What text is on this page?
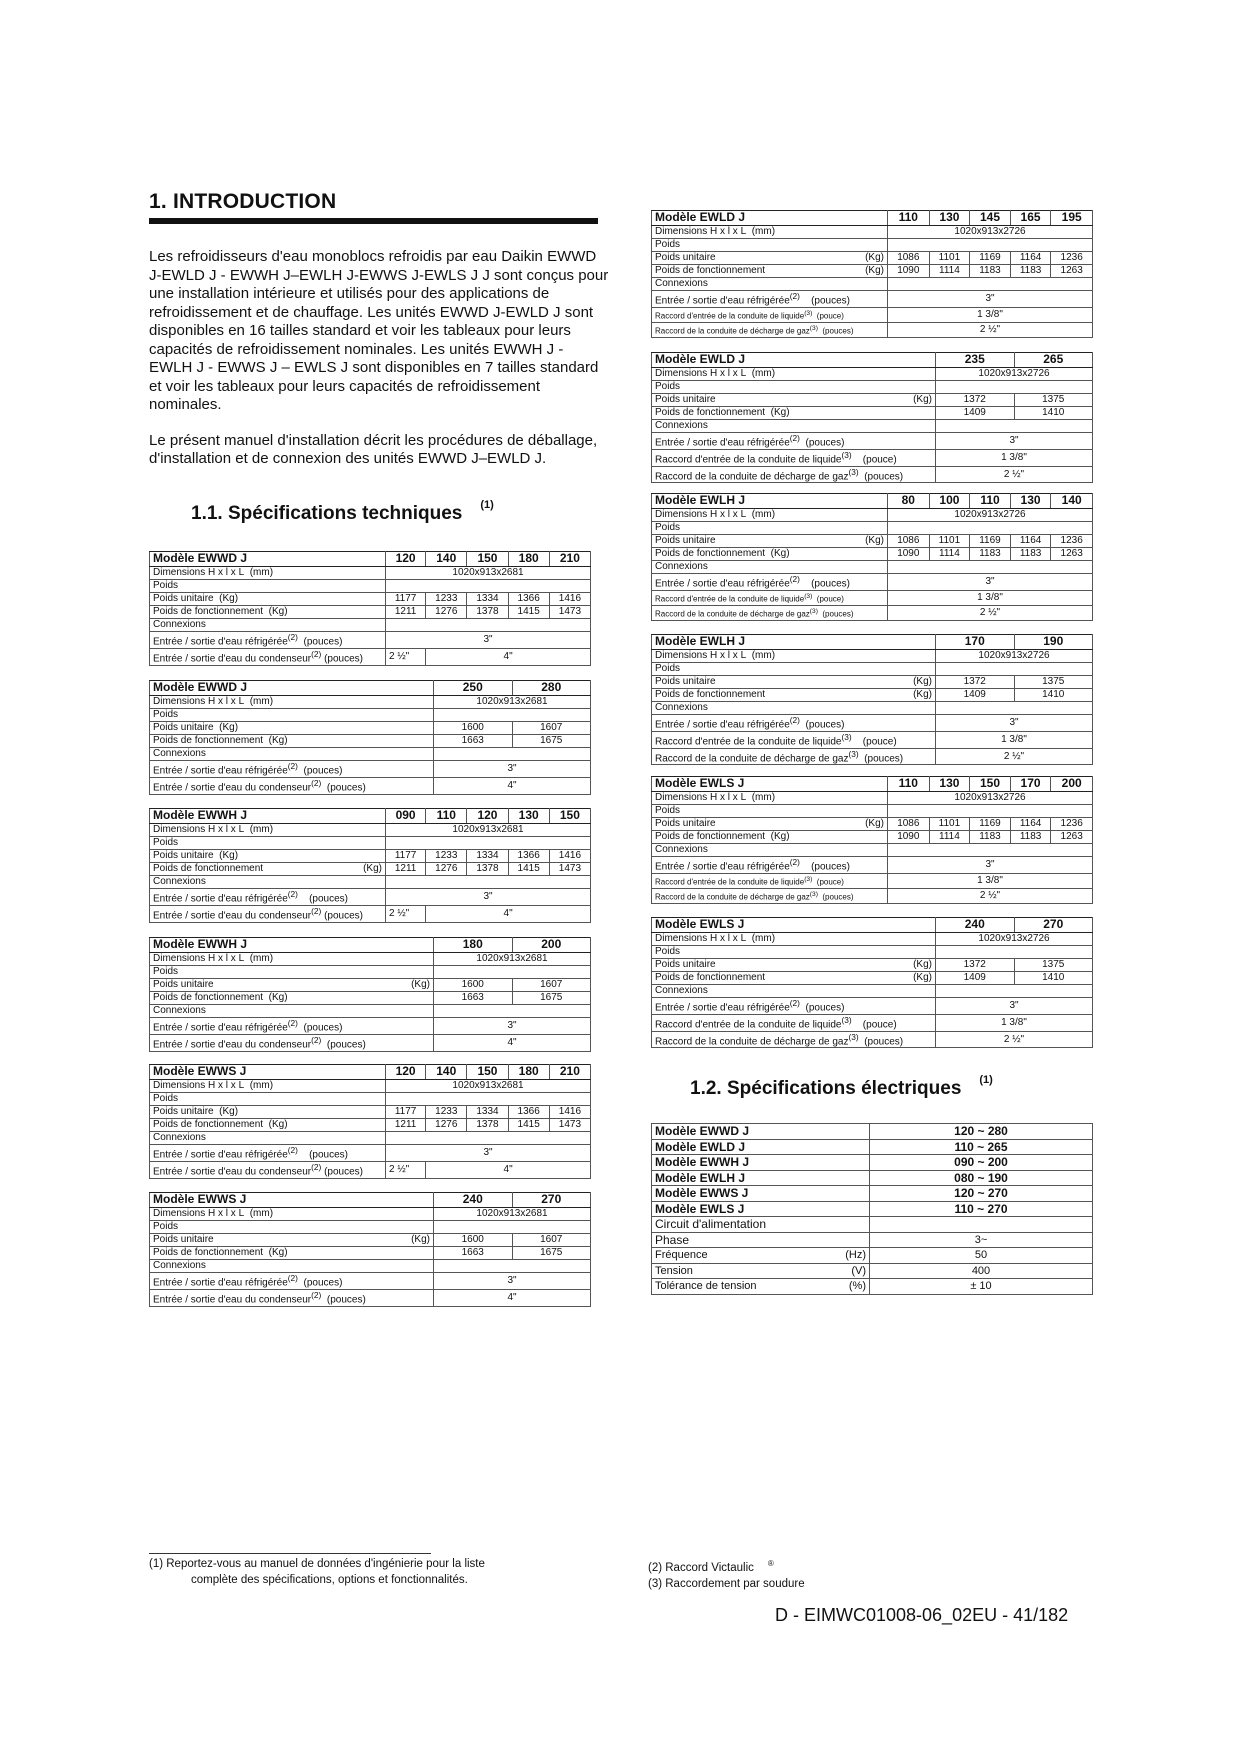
1. INTRODUCTION

Les refroidisseurs d'eau monoblocs refroidis par eau Daikin EWWD J-EWLD J - EWWH J–EWLH J-EWWS J-EWLS J J sont conçus pour une installation intérieure et utilisés pour des applications de refroidissement et de chauffage. Les unités EWWD J-EWLD J sont disponibles en 16 tailles standard et voir les tableaux pour leurs capacités de refroidissement nominales. Les unités EWWH J - EWLH J - EWWS J – EWLS J sont disponibles en 7 tailles standard et voir les tableaux pour leurs capacités de refroidissement nominales.

Le présent manuel d'installation décrit les procédures de déballage, d'installation et de connexion des unités EWWD J–EWLD J.

1.1. Spécifications techniques $^{(1)}$
1.2. Spécifications électriques $^{(1)}$
Modèle EWWD J	120	140	150	180	210
Dimensions H x l x L (mm)	1020x913x2681				
Poids					
Poids unitaire (Kg)	1177	1233	1334	1366	1416
Poids de fonctionnement (Kg)	1211	1276	1378	1415	1473
Connexions					
Entrée / sortie d'eau réfrigérée$^{(2)}$ (pouces)	3"				
Entrée / sortie d'eau du condenseur$^{(2)}$ (pouces)	2 ½"	4"			
Modèle EWWD J	250	280
Dimensions H x l x L (mm)	1020x913x2681	
Poids		
Poids unitaire (Kg)	1600	1607
Poids de fonctionnement (Kg)	1663	1675
Connexions		
Entrée / sortie d'eau réfrigérée$^{(2)}$ (pouces)	3"	
Entrée / sortie d'eau du condenseur$^{(2)}$ (pouces)	4"	
Modèle EWWH J	090	110	120	130	150
Dimensions H x l x L (mm)	1020x913x2681				
Poids					
Poids unitaire (Kg)	1177	1233	1334	1366	1416

Poids de fonctionnement (Kg)	1211	1276	1378	1415	1473
Connexions					
Entrée / sortie d'eau réfrigérée$^{(2)}$ (pouces)	3"				
Entrée / sortie d'eau du condenseur$^{(2)}$ (pouces)	2 ½"	4"			
Modèle EWWH J	180	200
Dimensions H x l x L (mm)	1020x913x2681	
Poids		

Poids unitaire (Kg)	1600	1607
Poids de fonctionnement (Kg)	1663	1675
Connexions		
Entrée / sortie d'eau réfrigérée$^{(2)}$ (pouces)	3"	
Entrée / sortie d'eau du condenseur$^{(2)}$ (pouces)	4"	
Modèle EWWS J	120	140	150	180	210
Dimensions H x l x L (mm)	1020x913x2681				
Poids					
Poids unitaire (Kg)	1177	1233	1334	1366	1416
Poids de fonctionnement (Kg)	1211	1276	1378	1415	1473
Connexions					
Entrée / sortie d'eau réfrigérée$^{(2)}$ (pouces)	3"				
Entrée / sortie d'eau du condenseur$^{(2)}$ (pouces)	2 ½"	4"			
Modèle EWWS J	240	270
Dimensions H x l x L (mm)	1020x913x2681	
Poids		

Poids unitaire (Kg)	1600	1607
Poids de fonctionnement (Kg)	1663	1675
Connexions		
Entrée / sortie d'eau réfrigérée$^{(2)}$ (pouces)	3"	
Entrée / sortie d'eau du condenseur$^{(2)}$ (pouces)	4"	
Modèle EWLD J	110	130	145	165	195
Dimensions H x l x L (mm)	1020x913x2726				
Poids					

Poids unitaire (Kg)	1086	1101	1169	1164	1236

Poids de fonctionnement (Kg)	1090	1114	1183	1183	1263
Connexions					
Entrée / sortie d'eau réfrigérée$^{(2)}$ (pouces)	3"				
Raccord d'entrée de la conduite de liquide$^{(3)}$ (pouce)	1 3/8"				
Raccord de la conduite de décharge de gaz$^{(3)}$ (pouces)	2 ½"				
Modèle EWLD J	235	265
Dimensions H x l x L (mm)	1020x913x2726	
Poids		

Poids unitaire (Kg)	1372	1375
Poids de fonctionnement (Kg)	1409	1410
Connexions		
Entrée / sortie d'eau réfrigérée$^{(2)}$ (pouces)	3"	
Raccord d'entrée de la conduite de liquide$^{(3)}$ (pouce)	1 3/8"	
Raccord de la conduite de décharge de gaz$^{(3)}$ (pouces)	2 ½"	
Modèle EWLH J	80	100	110	130	140
Dimensions H x l x L (mm)	1020x913x2726				
Poids					

Poids unitaire (Kg)	1086	1101	1169	1164	1236
Poids de fonctionnement (Kg)	1090	1114	1183	1183	1263
Connexions					
Entrée / sortie d'eau réfrigérée$^{(2)}$ (pouces)	3"				
Raccord d'entrée de la conduite de liquide$^{(3)}$ (pouce)	1 3/8"				
Raccord de la conduite de décharge de gaz$^{(3)}$ (pouces)	2 ½"				
Modèle EWLH J	170	190
Dimensions H x l x L (mm)	1020x913x2726	
Poids		

Poids unitaire (Kg)	1372	1375

Poids de fonctionnement (Kg)	1409	1410
Connexions		
Entrée / sortie d'eau réfrigérée$^{(2)}$ (pouces)	3"	
Raccord d'entrée de la conduite de liquide$^{(3)}$ (pouce)	1 3/8"	
Raccord de la conduite de décharge de gaz$^{(3)}$ (pouces)	2 ½"	
Modèle EWLS J	110	130	150	170	200
Dimensions H x l x L (mm)	1020x913x2726				
Poids					

Poids unitaire (Kg)	1086	1101	1169	1164	1236
Poids de fonctionnement (Kg)	1090	1114	1183	1183	1263
Connexions					
Entrée / sortie d'eau réfrigérée$^{(2)}$ (pouces)	3"				
Raccord d'entrée de la conduite de liquide$^{(3)}$ (pouce)	1 3/8"				
Raccord de la conduite de décharge de gaz$^{(3)}$ (pouces)	2 ½"				
Modèle EWLS J	240	270
Dimensions H x l x L (mm)	1020x913x2726	
Poids		

Poids unitaire (Kg)	1372	1375

Poids de fonctionnement (Kg)	1409	1410
Connexions		
Entrée / sortie d'eau réfrigérée$^{(2)}$ (pouces)	3"	
Raccord d'entrée de la conduite de liquide$^{(3)}$ (pouce)	1 3/8"	
Raccord de la conduite de décharge de gaz$^{(3)}$ (pouces)	2 ½"	
Modèle EWWD J	120 ~ 280
Modèle EWLD J	110 ~ 265
Modèle EWWH J	090 ~ 200
Modèle EWLH J	080 ~ 190
Modèle EWWS J	120 ~ 270
Modèle EWLS J	110 ~ 270
Circuit d'alimentation	
Phase	3~

Fréquence (Hz)	50

Tension (V)	400

Tolérance de tension (%)	± 10
(1) Reportez-vous au manuel de données d'ingénierie pour la liste
complète des spécifications, options et fonctionnalités.
(2) Raccord Victaulic ®
(3) Raccordement par soudure
D - EIMWC01008-06_02EU - 41/182
